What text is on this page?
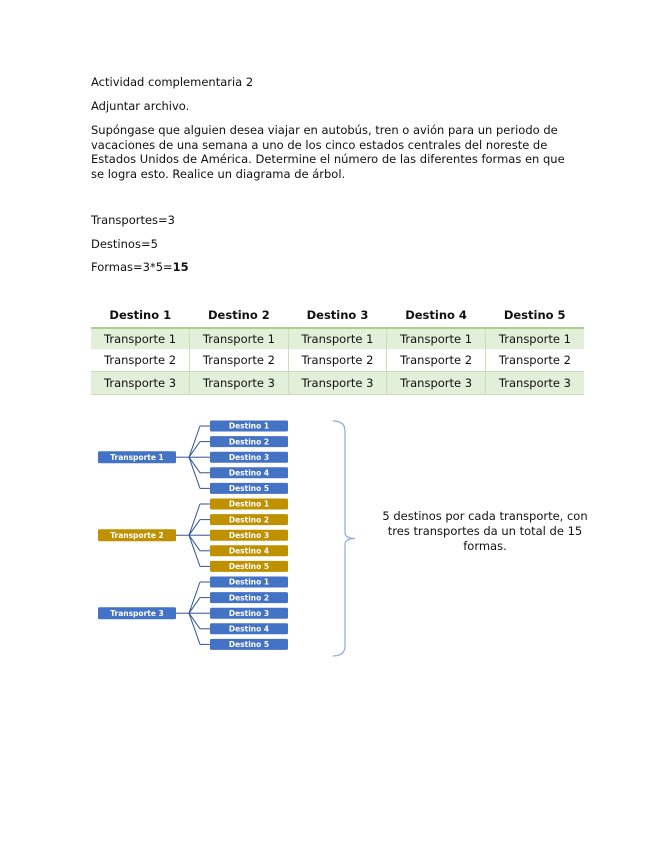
Actividad complementaria 2

Adjuntar archivo.

Supóngase que alguien desea viajar en autobús, tren o avión para un periodo de vacaciones de una semana a uno de los cinco estados centrales del noreste de Estados Unidos de América. Determine el número de las diferentes formas en que se logra esto. Realice un diagrama de árbol.

Transportes=3

Destinos=5

Formas=3*5=15

Destino 1	Destino 2	Destino 3	Destino 4	Destino 5
Transporte 1	Transporte 1	Transporte 1	Transporte 1	Transporte 1
Transporte 2	Transporte 2	Transporte 2	Transporte 2	Transporte 2
Transporte 3	Transporte 3	Transporte 3	Transporte 3	Transporte 3
Destino 1
Destino 2
Destino 3
Destino 4
Destino 5
Transporte 1
Destino 1
Destino 2
Destino 3
Destino 4
Destino 5
Transporte 2
Destino 1
Destino 2
Destino 3
Destino 4
Destino 5
Transporte 3
5 destinos por cada transporte, con tres transportes da un total de 15 formas.
